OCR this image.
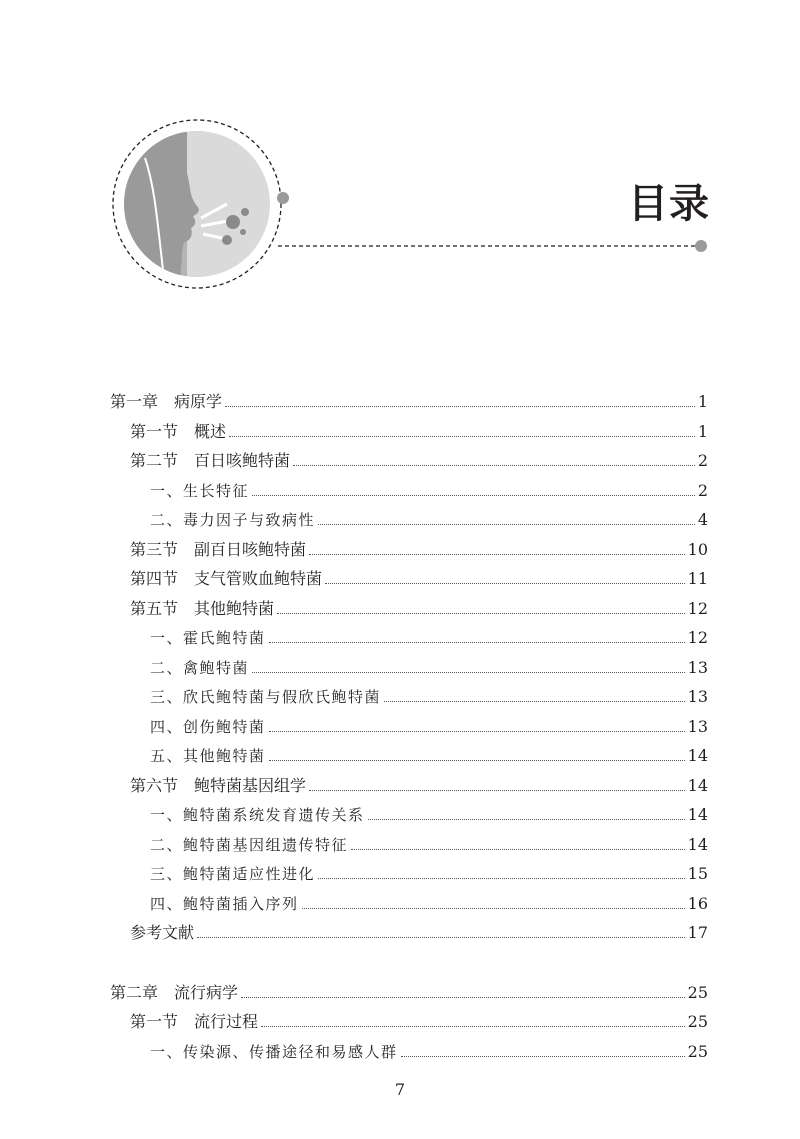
目录
第一章　病原学	1
第一节　概述	1
第二节　百日咳鲍特菌	2
一、生长特征	2
二、毒力因子与致病性	4
第三节　副百日咳鲍特菌	10
第四节　支气管败血鲍特菌	11
第五节　其他鲍特菌	12
一、霍氏鲍特菌	12
二、禽鲍特菌	13
三、欣氏鲍特菌与假欣氏鲍特菌	13
四、创伤鲍特菌	13
五、其他鲍特菌	14
第六节　鲍特菌基因组学	14
一、鲍特菌系统发育遗传关系	14
二、鲍特菌基因组遗传特征	14
三、鲍特菌适应性进化	15
四、鲍特菌插入序列	16
参考文献	17
第二章　流行病学	25
第一节　流行过程	25
一、传染源、传播途径和易感人群	25
7
